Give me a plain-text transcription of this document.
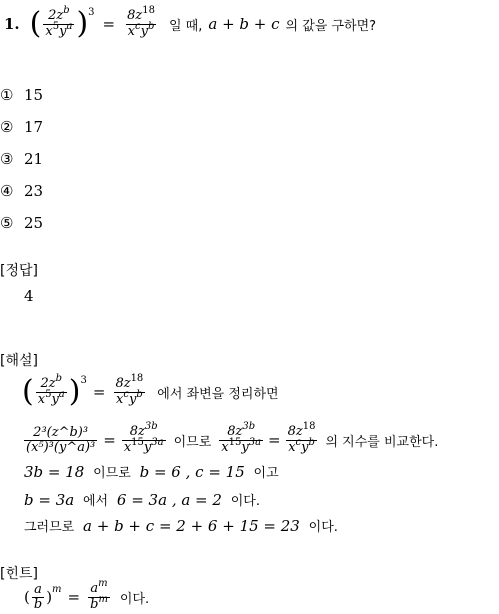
1. ( $\frac{2z^b}{x^5y^a}$ ) 3
= $\frac{8z^{18}}{x^cy^b}$ 일 때, a + b + c 의 값을 구하면?
① 15
② 17
③ 21
④ 23
⑤ 25
[정답]
4
[해설]
( $\frac{2z^b}{x^5y^a}$ ) 3
= $\frac{8z^{18}}{x^cy^b}$ 에서 좌변을 정리하면
$\frac{\text{2³(z\textasciicircum{}b)³}}{\text{(x⁵)³(y\textasciicircum{}a)³}} = \frac{8z^{3b}}{x^{15}y^{3a}}$ 이므로 $\frac{8z^{3b}}{x^{15}y^{3a}} = \frac{8z^{18}}{x^cy^b}$ 의 지수를 비교한다.
3b = 18 이므로 b = 6 , c = 15 이고
b = 3a 에서 6 = 3a , a = 2 이다.
그러므로 a + b + c = 2 + 6 + 15 = 23 이다.
[힌트]
( $\frac{a}{b}$ ) $m = \frac{a^m}{b^m}$ 이다.
